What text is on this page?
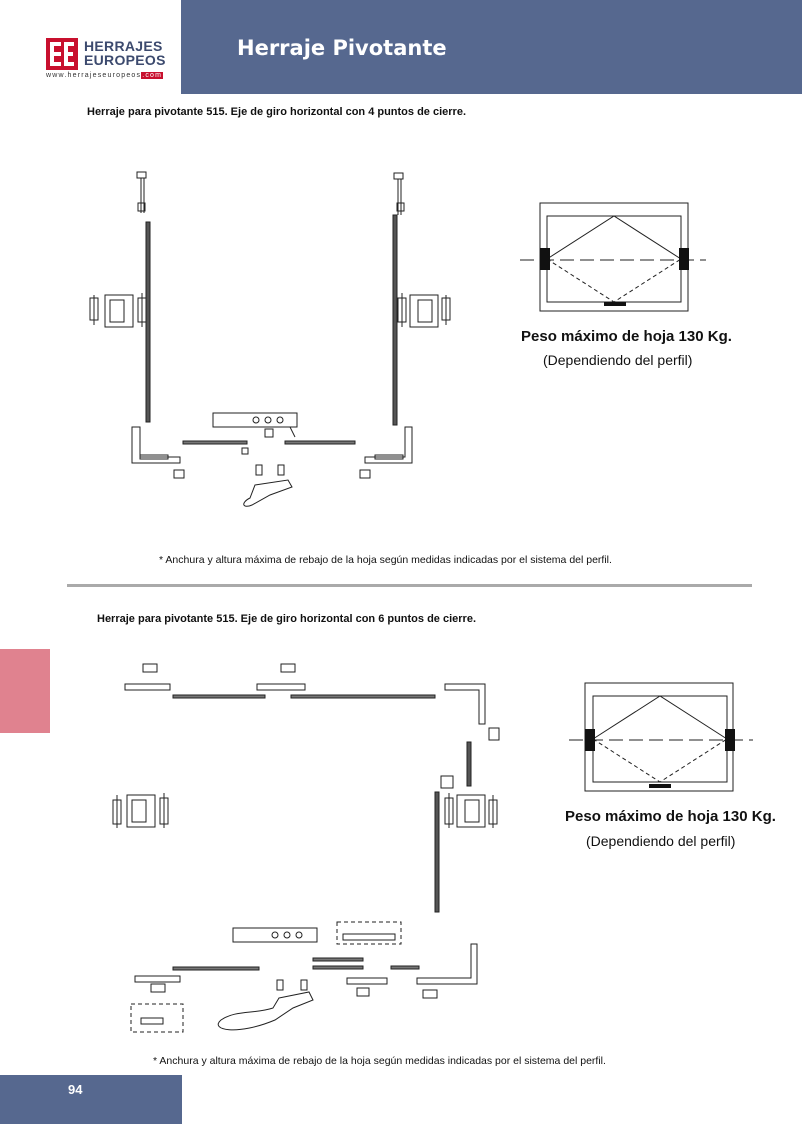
Herraje Pivotante
HERRAJES
EUROPEOS
www.herrajeseuropeos.com
Herraje para pivotante 515. Eje de giro horizontal con 4 puntos de cierre.
Peso máximo de hoja 130 Kg.
(Dependiendo del perfil)
* Anchura y altura máxima de rebajo de la hoja según medidas indicadas por el sistema del perfil.
Herraje para pivotante 515. Eje de giro horizontal con 6 puntos de cierre.
Peso máximo de hoja 130 Kg.
(Dependiendo del perfil)
* Anchura y altura máxima de rebajo de la hoja según medidas indicadas por el sistema del perfil.
94
